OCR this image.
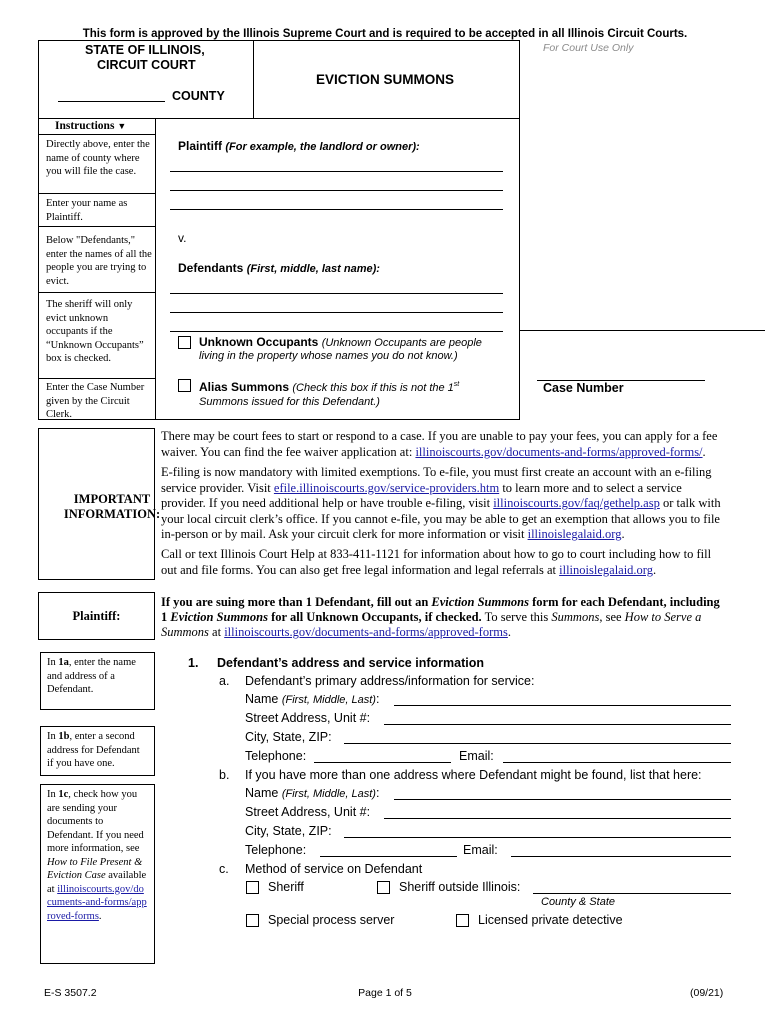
This form is approved by the Illinois Supreme Court and is required to be accepted in all Illinois Circuit Courts.
For Court Use Only
STATE OF ILLINOIS,
CIRCUIT COURT
COUNTY
EVICTION SUMMONS
Instructions ▼
Directly above, enter the name of county where you will file the case.
Enter your name as Plaintiff.
Below "Defendants," enter the names of all the people you are trying to evict.
The sheriff will only evict unknown occupants if the “Unknown Occupants” box is checked.
Enter the Case Number given by the Circuit Clerk.
Plaintiff (For example, the landlord or owner):
v.
Defendants (First, middle, last name):
Unknown Occupants (Unknown Occupants are people
living in the property whose names you do not know.)
Alias Summons (Check this box if this is not the 1st
Summons issued for this Defendant.)
Case Number
IMPORTANT
INFORMATION:
There may be court fees to start or respond to a case. If you are unable to pay your fees, you can apply for a fee waiver. You can find the fee waiver application at: illinoiscourts.gov/documents-and-forms/approved-forms/.
E-filing is now mandatory with limited exemptions. To e-file, you must first create an account with an e-filing service provider. Visit efile.illinoiscourts.gov/service-providers.htm to learn more and to select a service provider. If you need additional help or have trouble e-filing, visit illinoiscourts.gov/faq/gethelp.asp or talk with your local circuit clerk’s office. If you cannot e-file, you may be able to get an exemption that allows you to file in-person or by mail. Ask your circuit clerk for more information or visit illinoislegalaid.org.
Call or text Illinois Court Help at 833-411-1121 for information about how to go to court including how to fill out and file forms. You can also get free legal information and legal referrals at illinoislegalaid.org.
Plaintiff:
If you are suing more than 1 Defendant, fill out an Eviction Summons form for each Defendant, including 1 Eviction Summons for all Unknown Occupants, if checked. To serve this Summons, see How to Serve a Summons at illinoiscourts.gov/documents-and-forms/approved-forms.
In 1a, enter the name and address of a Defendant.
In 1b, enter a second address for Defendant if you have one.
In 1c, check how you are sending your documents to Defendant. If you need more information, see How to File Present & Eviction Case available at illinoiscourts.gov/documents-and-forms/approved-forms.
1. Defendant’s address and service information
a. Defendant’s primary address/information for service:
Name (First, Middle, Last):
Street Address, Unit #:
City, State, ZIP:
Telephone:	Email:
b. If you have more than one address where Defendant might be found, list that here:
Name (First, Middle, Last):
Street Address, Unit #:
City, State, ZIP:
Telephone:	Email:
c. Method of service on Defendant
Sheriff	Sheriff outside Illinois:
County & State
Special process server	Licensed private detective
E-S 3507.2	Page 1 of 5	(09/21)
